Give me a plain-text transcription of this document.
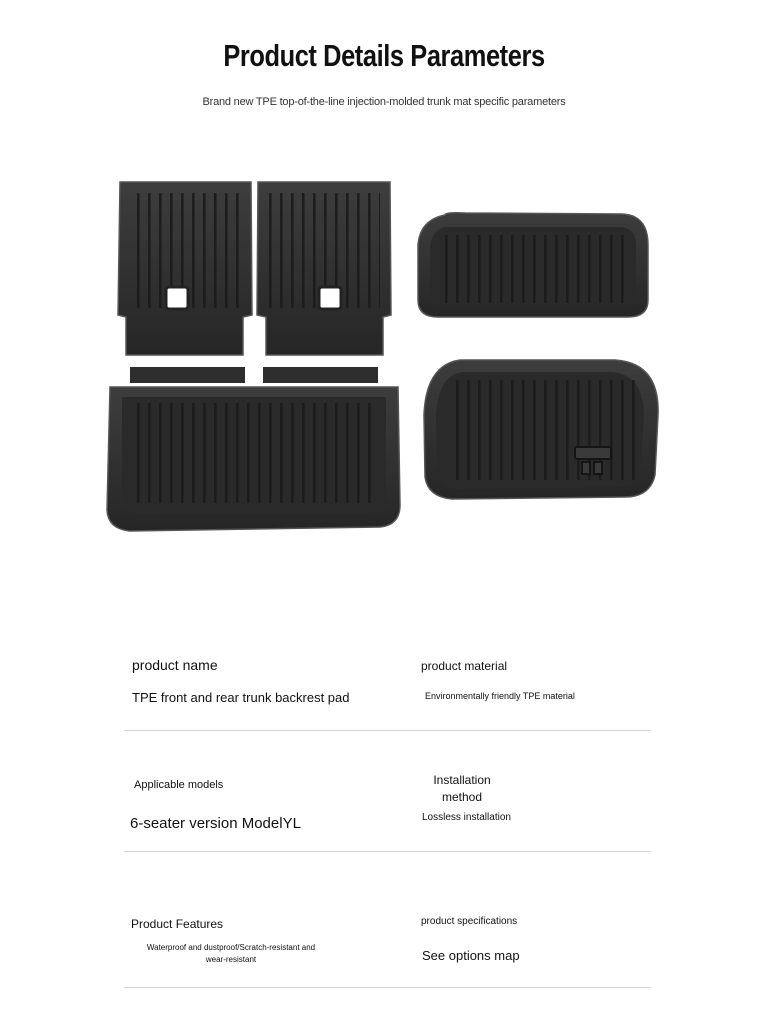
Product Details Parameters
Brand new TPE top-of-the-line injection-molded trunk mat specific parameters
product name
TPE front and rear trunk backrest pad
product material
Environmentally friendly TPE material
Applicable models
6-seater version ModelYL
Installation
method
Lossless installation
Product Features
Waterproof and dustproof/Scratch-resistant and
wear-resistant
product specifications
See options map
